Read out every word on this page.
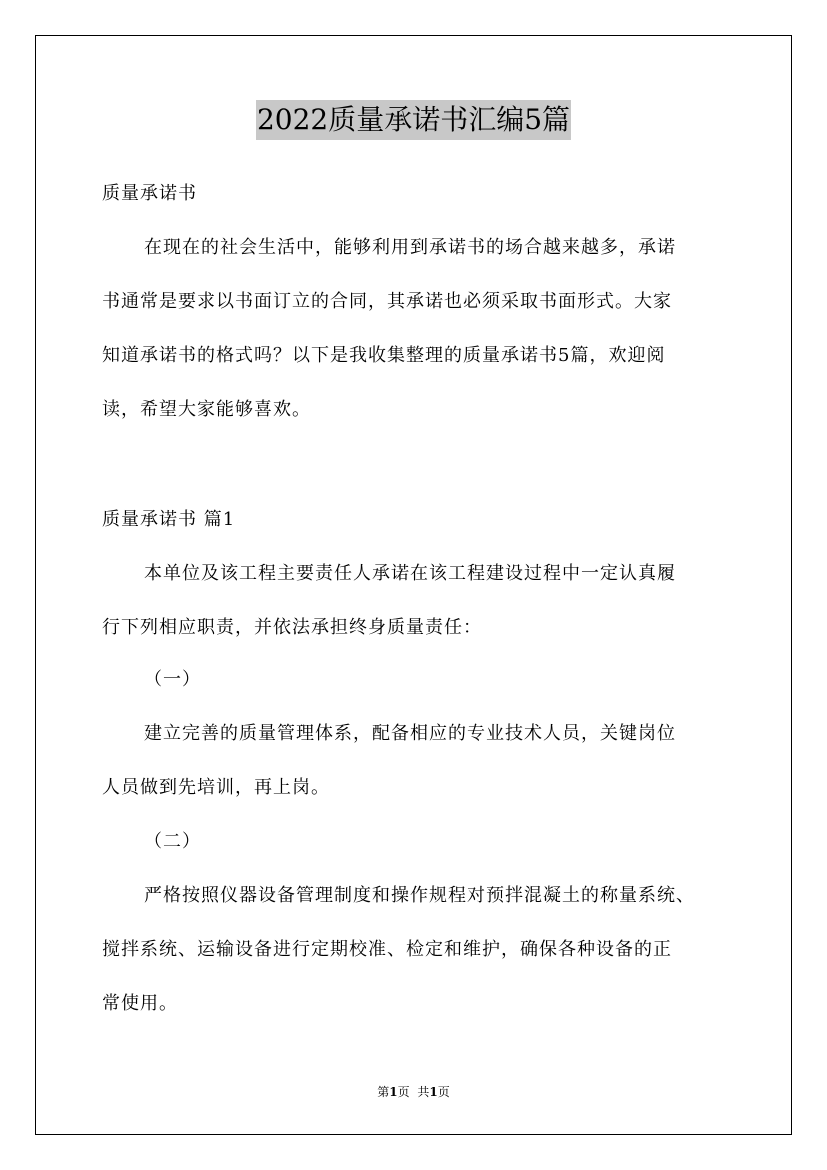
2022质量承诺书汇编5篇
质量承诺书
在现在的社会生活中，能够利用到承诺书的场合越来越多，承诺
书通常是要求以书面订立的合同，其承诺也必须采取书面形式。大家
知道承诺书的格式吗？以下是我收集整理的质量承诺书5篇，欢迎阅
读，希望大家能够喜欢。
质量承诺书 篇1
本单位及该工程主要责任人承诺在该工程建设过程中一定认真履
行下列相应职责，并依法承担终身质量责任：
（一）
建立完善的质量管理体系，配备相应的专业技术人员，关键岗位
人员做到先培训，再上岗。
（二）
严格按照仪器设备管理制度和操作规程对预拌混凝土的称量系统、
搅拌系统、运输设备进行定期校准、检定和维护，确保各种设备的正
常使用。
第1页 共1页
